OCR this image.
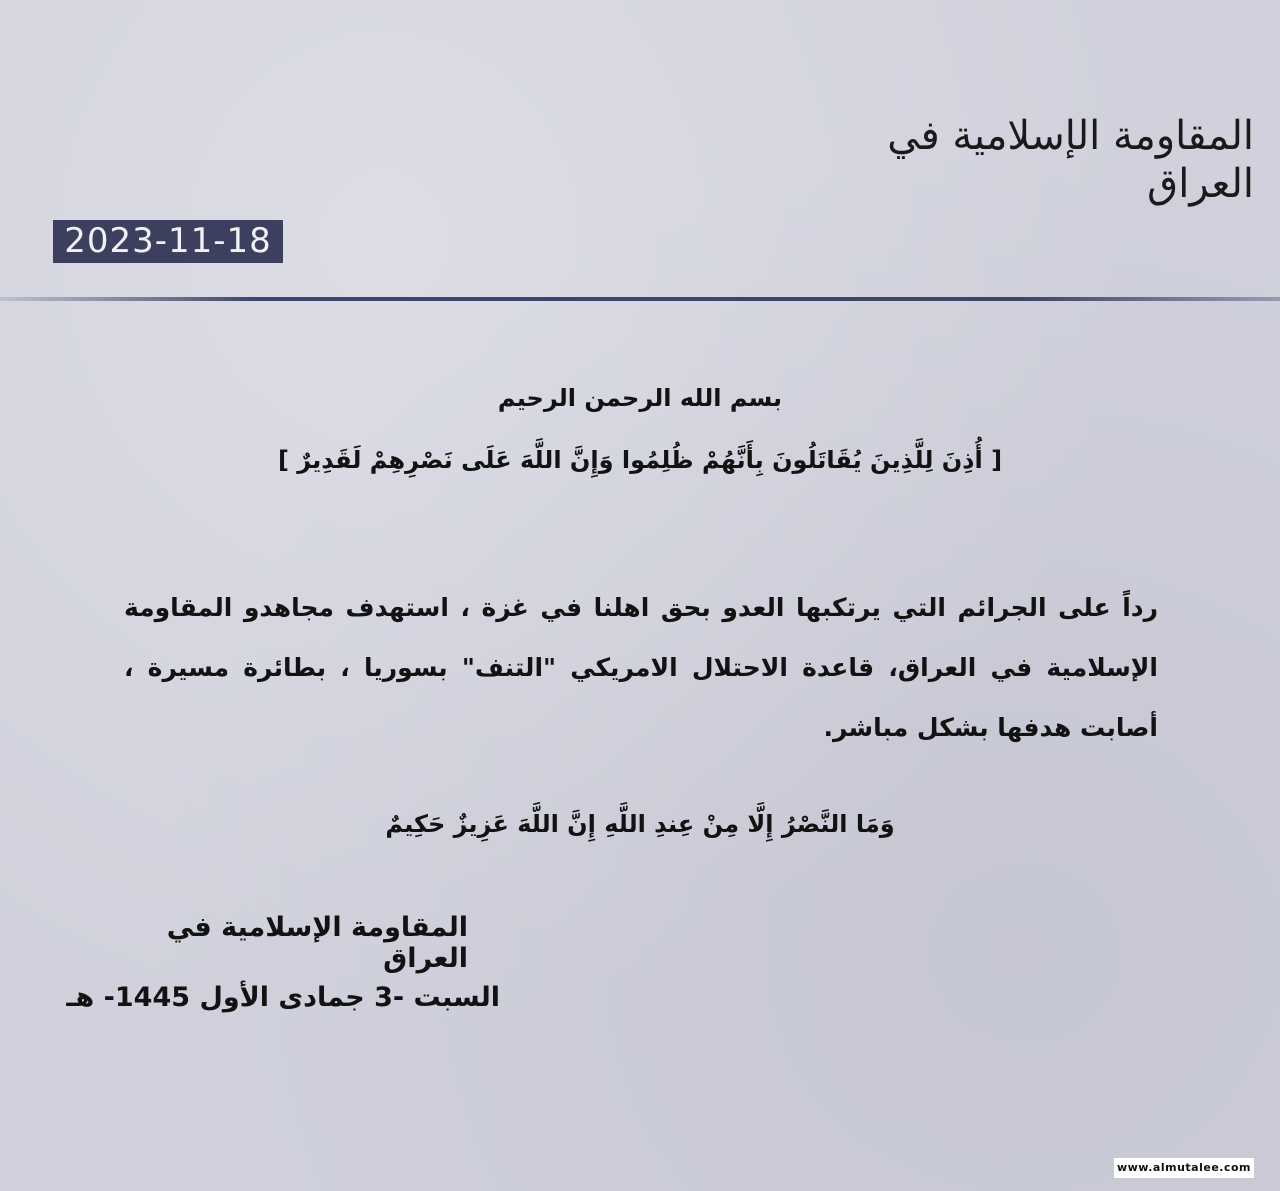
المقاومة الإسلامية في العراق
2023-11-18
بسم الله الرحمن الرحيم
[ أُذِنَ لِلَّذِينَ يُقَاتَلُونَ بِأَنَّهُمْ ظُلِمُوا وَإِنَّ اللَّهَ عَلَى نَصْرِهِمْ لَقَدِيرٌ ]
رداً على الجرائم التي يرتكبها العدو بحق اهلنا في غزة ، استهدف مجاهدو المقاومة الإسلامية في العراق، قاعدة الاحتلال الامريكي "التنف" بسوريا ، بطائرة مسيرة ، أصابت هدفها بشكل مباشر.
وَمَا النَّصْرُ إِلَّا مِنْ عِندِ اللَّهِ إِنَّ اللَّهَ عَزِيزٌ حَكِيمٌ
المقاومة الإسلامية في العراق
السبت -3 جمادى الأول 1445- هـ
www.almutalee.com
